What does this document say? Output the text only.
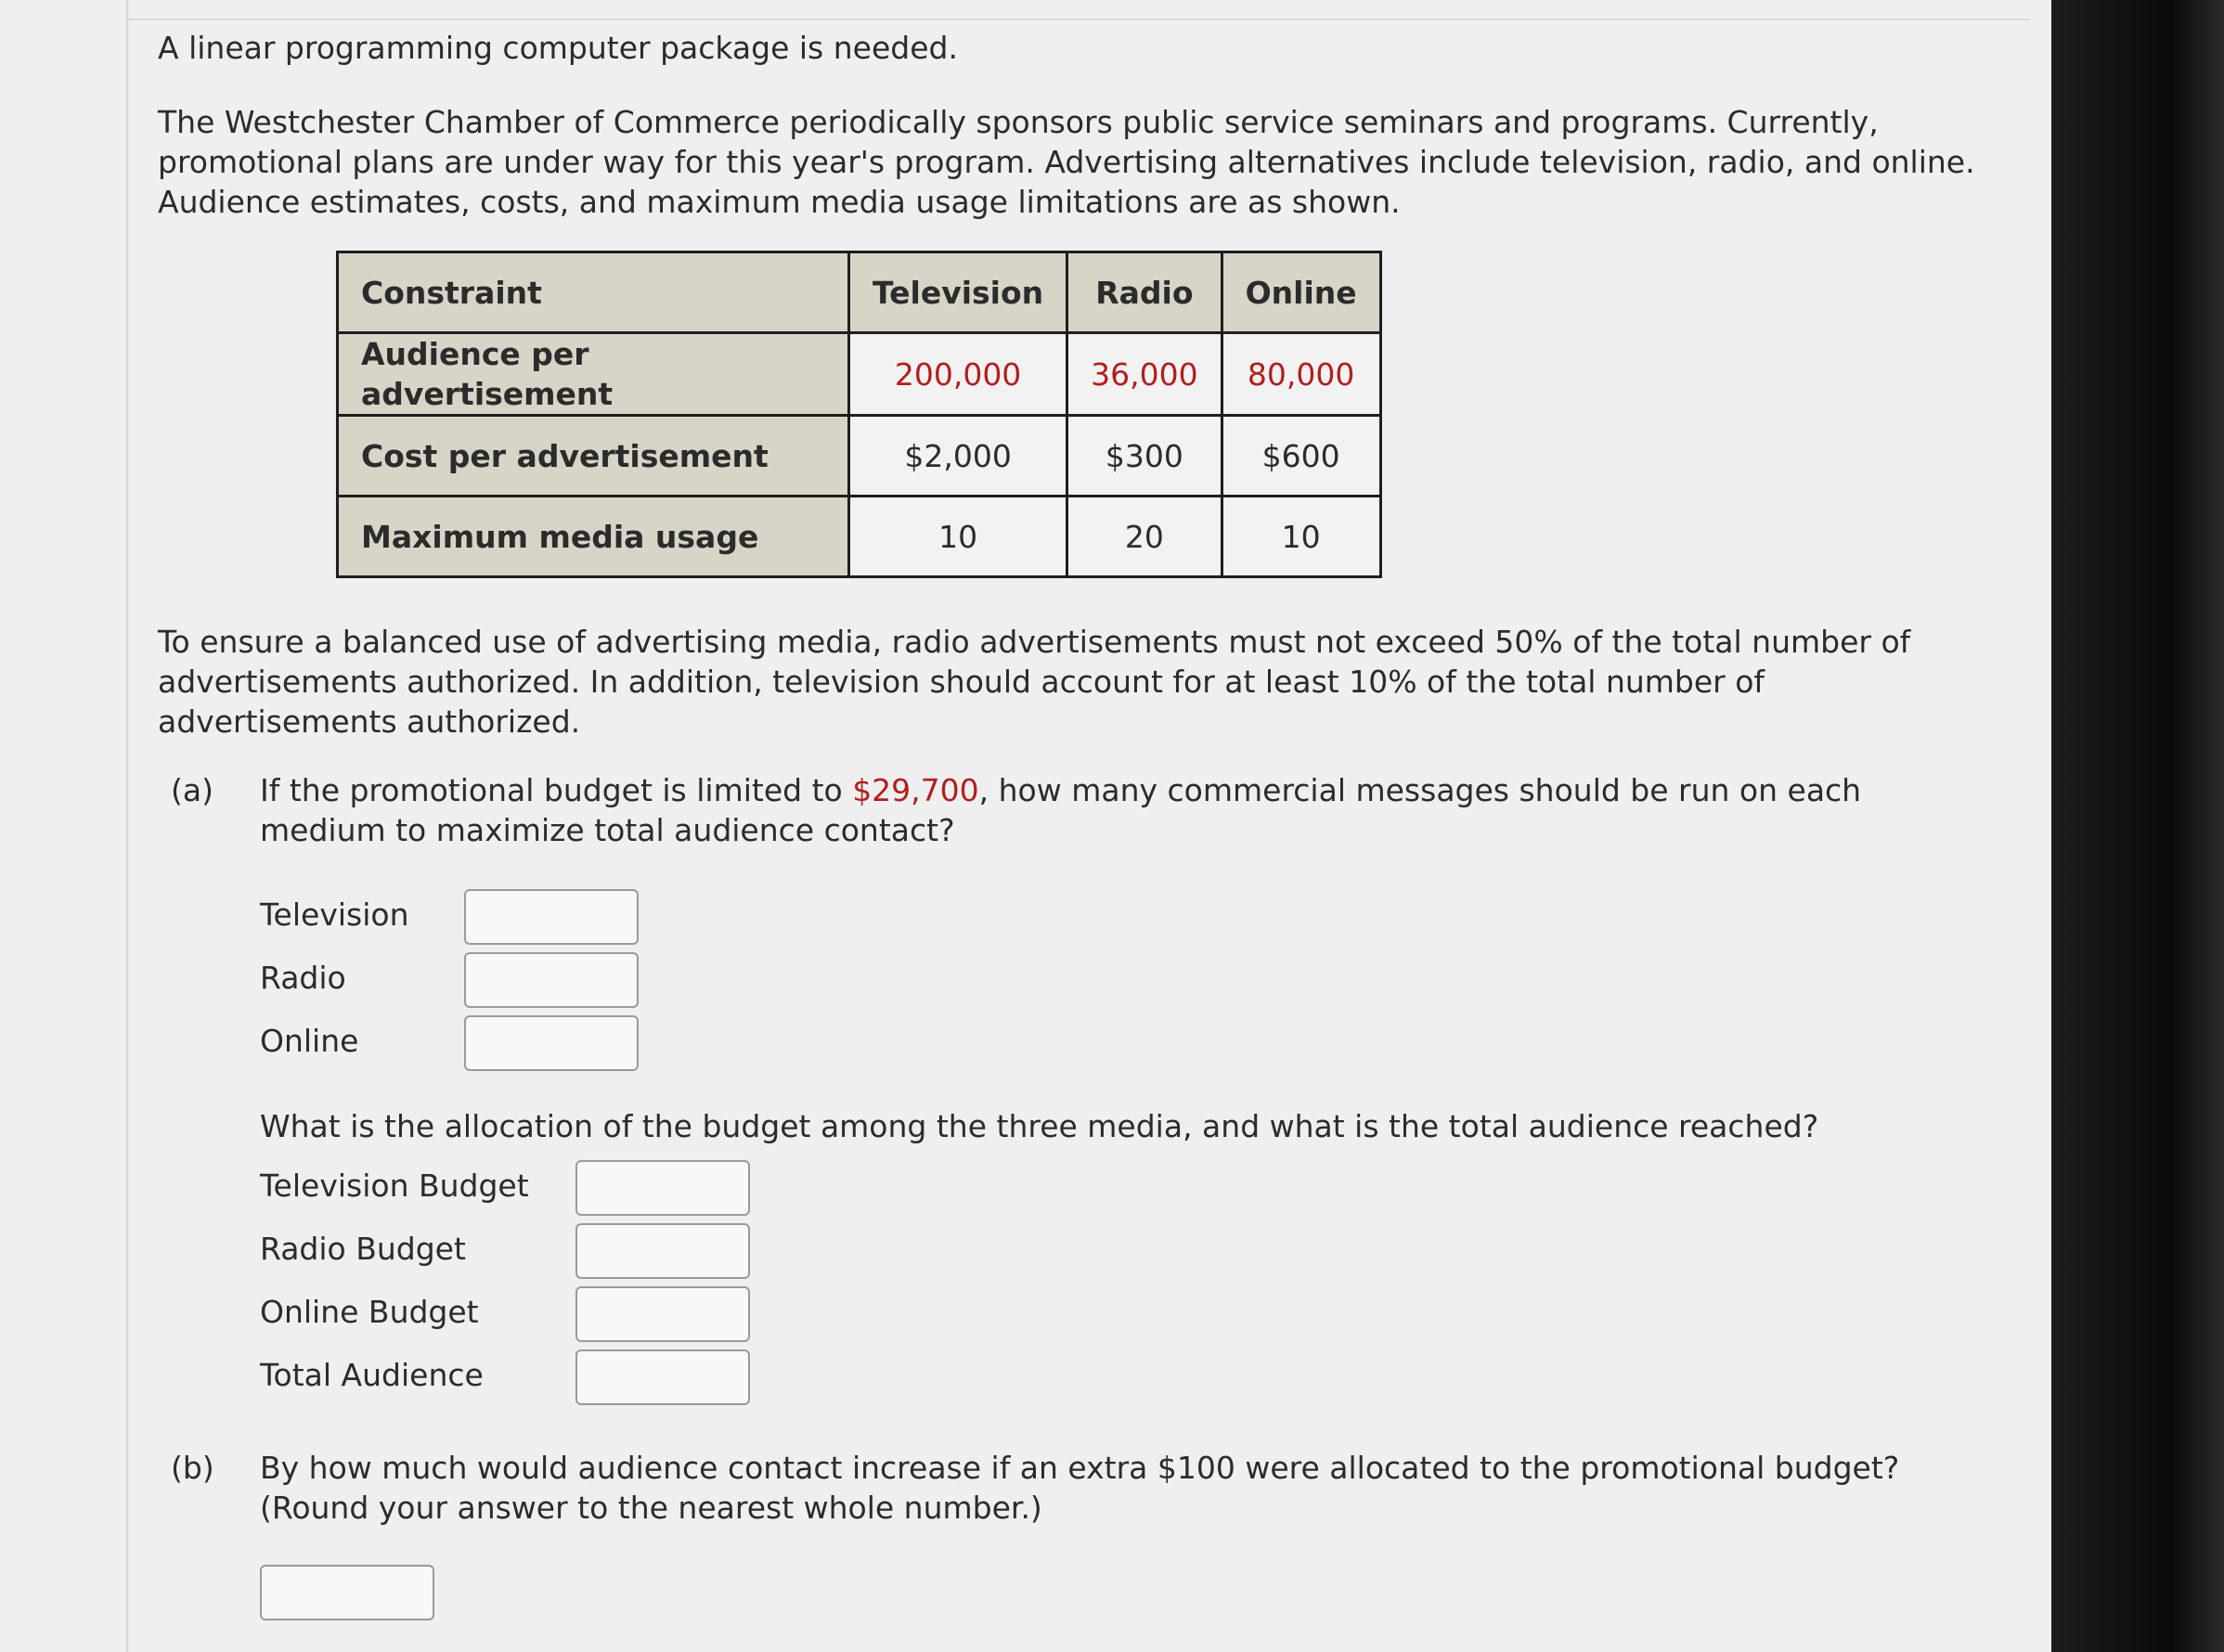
A linear programming computer package is needed.

The Westchester Chamber of Commerce periodically sponsors public service seminars and programs. Currently, promotional plans are under way for this year's program. Advertising alternatives include television, radio, and online. Audience estimates, costs, and maximum media usage limitations are as shown.

Constraint	Television	Radio	Online
Audience per advertisement	200,000	36,000	80,000
Cost per advertisement	$2,000	$300	$600
Maximum media usage	10	20	10

To ensure a balanced use of advertising media, radio advertisements must not exceed 50% of the total number of advertisements authorized. In addition, television should account for at least 10% of the total number of advertisements authorized.

(a) If the promotional budget is limited to $29,700, how many commercial messages should be run on each medium to maximize total audience contact?

Television
Radio
Online

What is the allocation of the budget among the three media, and what is the total audience reached?

Television Budget
Radio Budget
Online Budget
Total Audience
(b) By how much would audience contact increase if an extra $100 were allocated to the promotional budget? (Round your answer to the nearest whole number.)
